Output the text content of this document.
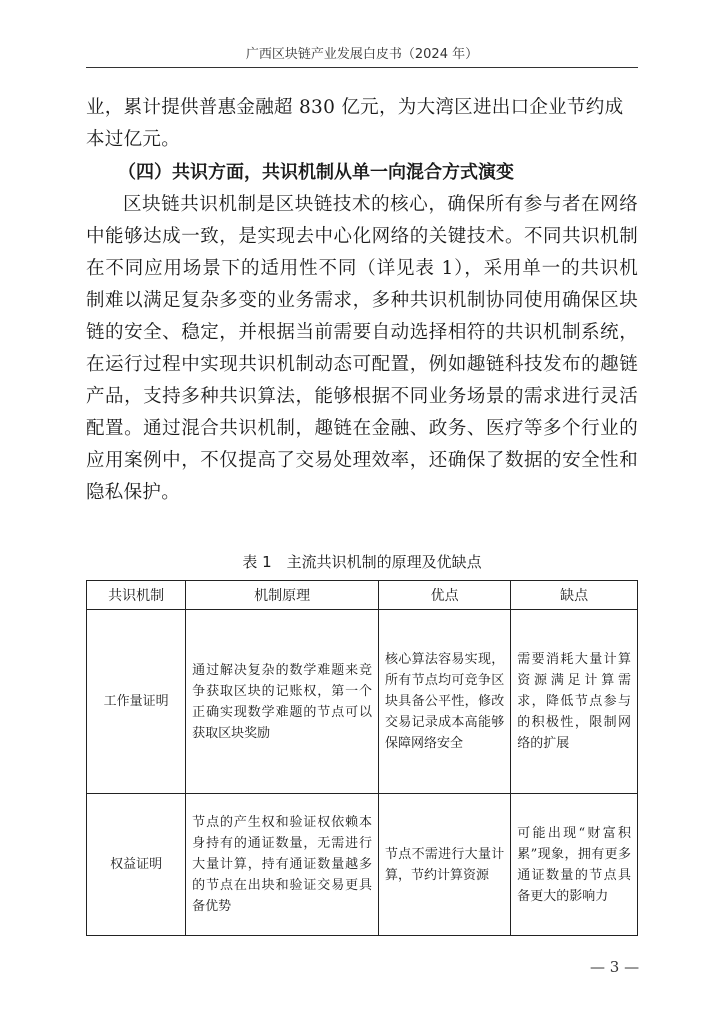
广西区块链产业发展白皮书（2024 年）
业，累计提供普惠金融超 830 亿元，为大湾区进出口企业节约成本过亿元。
（四）共识方面，共识机制从单一向混合方式演变
区块链共识机制是区块链技术的核心，确保所有参与者在网络中能够达成一致，是实现去中心化网络的关键技术。不同共识机制在不同应用场景下的适用性不同（详见表 1），采用单一的共识机制难以满足复杂多变的业务需求，多种共识机制协同使用确保区块链的安全、稳定，并根据当前需要自动选择相符的共识机制系统，在运行过程中实现共识机制动态可配置，例如趣链科技发布的趣链产品，支持多种共识算法，能够根据不同业务场景的需求进行灵活配置。通过混合共识机制，趣链在金融、政务、医疗等多个行业的应用案例中，不仅提高了交易处理效率，还确保了数据的安全性和隐私保护。
表 1　主流共识机制的原理及优缺点
共识机制	机制原理	优点	缺点
工作量证明	通过解决复杂的数学难题来竞争获取区块的记账权，第一个正确实现数学难题的节点可以获取区块奖励	核心算法容易实现，所有节点均可竞争区块具备公平性，修改交易记录成本高能够保障网络安全	需要消耗大量计算资源满足计算需求，降低节点参与的积极性，限制网络的扩展
权益证明	节点的产生权和验证权依赖本身持有的通证数量，无需进行大量计算，持有通证数量越多的节点在出块和验证交易更具备优势	节点不需进行大量计算，节约计算资源	可能出现“财富积累”现象，拥有更多通证数量的节点具备更大的影响力
— 3 —
